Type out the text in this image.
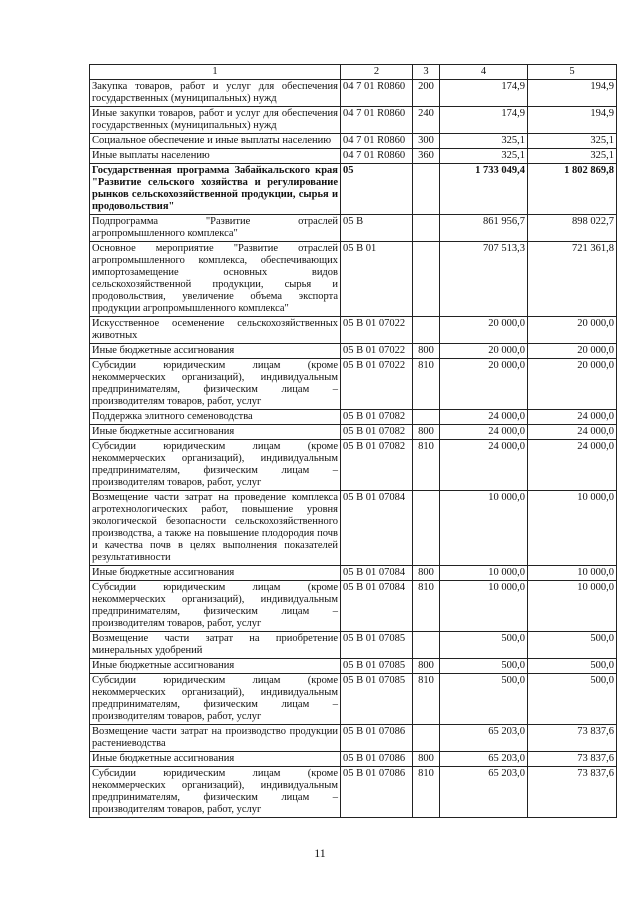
1	2	3	4	5
Закупка товаров, работ и услуг для обеспечения государственных (муниципальных) нужд	04 7 01 R0860	200	174,9	194,9
Иные закупки товаров, работ и услуг для обеспечения государственных (муниципальных) нужд	04 7 01 R0860	240	174,9	194,9
Социальное обеспечение и иные выплаты населению	04 7 01 R0860	300	325,1	325,1
Иные выплаты населению	04 7 01 R0860	360	325,1	325,1
Государственная программа Забайкальского края "Развитие сельского хозяйства и регулирование рынков сельскохозяйственной продукции, сырья и продовольствия"	05		1 733 049,4	1 802 869,8
Подпрограмма "Развитие отраслей агропромышленного комплекса"	05 В		861 956,7	898 022,7
Основное мероприятие "Развитие отраслей агропромышленного комплекса, обеспечивающих импортозамещение основных видов сельскохозяйственной продукции, сырья и продовольствия, увеличение объема экспорта продукции агропромышленного комплекса"	05 В 01		707 513,3	721 361,8
Искусственное осеменение сельскохозяйственных животных	05 В 01 07022		20 000,0	20 000,0
Иные бюджетные ассигнования	05 В 01 07022	800	20 000,0	20 000,0
Субсидии юридическим лицам (кроме некоммерческих организаций), индивидуальным предпринимателям, физическим лицам – производителям товаров, работ, услуг	05 В 01 07022	810	20 000,0	20 000,0
Поддержка элитного семеноводства	05 В 01 07082		24 000,0	24 000,0
Иные бюджетные ассигнования	05 В 01 07082	800	24 000,0	24 000,0
Субсидии юридическим лицам (кроме некоммерческих организаций), индивидуальным предпринимателям, физическим лицам – производителям товаров, работ, услуг	05 В 01 07082	810	24 000,0	24 000,0
Возмещение части затрат на проведение комплекса агротехнологических работ, повышение уровня экологической безопасности сельскохозяйственного производства, а также на повышение плодородия почв и качества почв в целях выполнения показателей результативности	05 В 01 07084		10 000,0	10 000,0
Иные бюджетные ассигнования	05 В 01 07084	800	10 000,0	10 000,0
Субсидии юридическим лицам (кроме некоммерческих организаций), индивидуальным предпринимателям, физическим лицам – производителям товаров, работ, услуг	05 В 01 07084	810	10 000,0	10 000,0
Возмещение части затрат на приобретение минеральных удобрений	05 В 01 07085		500,0	500,0
Иные бюджетные ассигнования	05 В 01 07085	800	500,0	500,0
Субсидии юридическим лицам (кроме некоммерческих организаций), индивидуальным предпринимателям, физическим лицам – производителям товаров, работ, услуг	05 В 01 07085	810	500,0	500,0
Возмещение части затрат на производство продукции растениеводства	05 В 01 07086		65 203,0	73 837,6
Иные бюджетные ассигнования	05 В 01 07086	800	65 203,0	73 837,6
Субсидии юридическим лицам (кроме некоммерческих организаций), индивидуальным предпринимателям, физическим лицам – производителям товаров, работ, услуг	05 В 01 07086	810	65 203,0	73 837,6
11
